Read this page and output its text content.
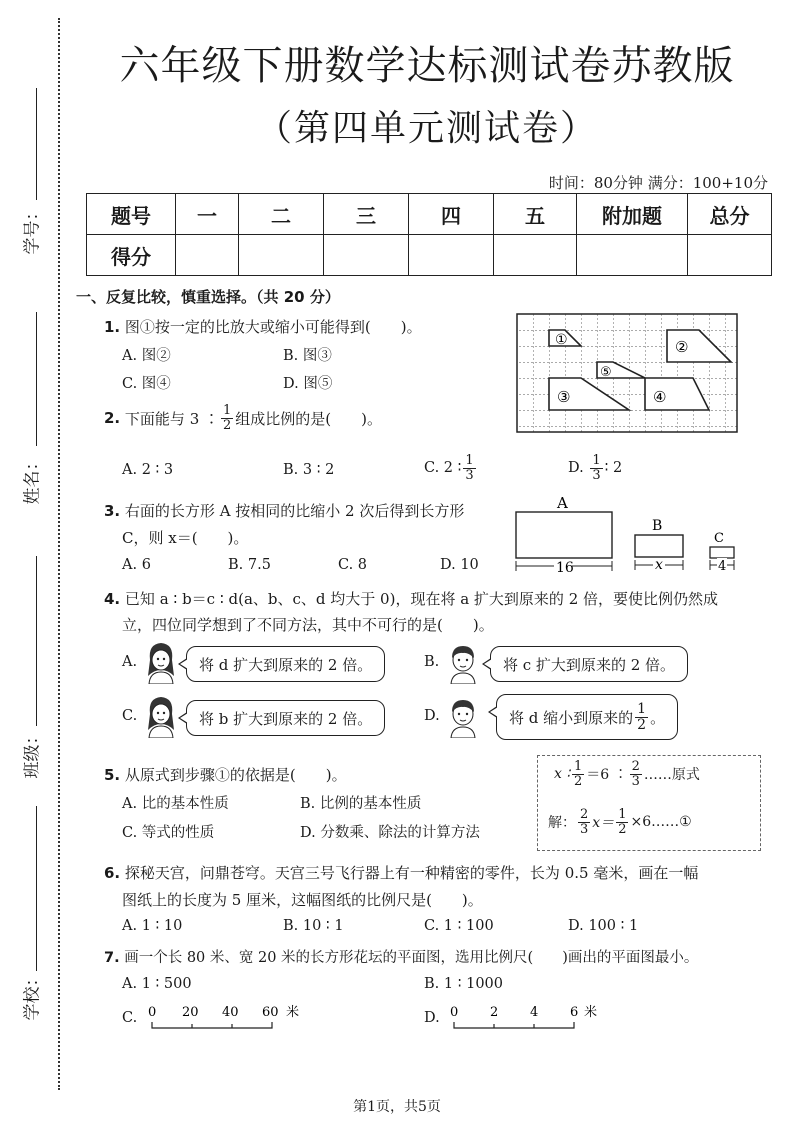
学号：
姓名：
班级：
学校：
六年级下册数学达标测试卷苏教版
（第四单元测试卷）
时间：80分钟 满分：100+10分
题号	一	二	三	四	五	附加题	总分
得分							
一、反复比较，慎重选择。（共 20 分）
1. 图①按一定的比放大或缩小可能得到(　　)。
A. 图②	B. 图③
C. 图④	D. 图⑤
①	②
⑤
③	④
2.
下面能与 3 ∶ $\frac{1}{2}$ 组成比例的是(　　)。
A. 2 ∶ 3	B. 3 ∶ 2	C. 2 ∶ $\frac{1}{3}$	D.
$\frac{1}{3}$ ∶ 2
3. 右面的长方形 A 按相同的比缩小 2 次后得到长方形
C，则 x＝(　　)。
A. 6	B. 7.5	C. 8	D. 10
A
16
B
x
C
4
4. 已知 a ∶ b＝c ∶ d(a、b、c、d 均大于 0)，现在将 a 扩大到原来的 2 倍，要使比例仍然成
立，四位同学想到了不同方法，其中不可行的是(　　)。
A.	将 d 扩大到原来的 2 倍。	B.	将 c 扩大到原来的 2 倍。
C.	将 b 扩大到原来的 2 倍。	D.	将 d 缩小到原来的 $\frac{1}{2}$ 。
5. 从原式到步骤①的依据是(　　)。
A. 比的基本性质	B. 比例的基本性质
C. 等式的性质	D. 分数乘、除法的计算方法
x ∶ $\frac{1}{2} =6$ ∶ $\frac{2}{3}$ ……原式
解： $\frac{2}{3} x= \frac{1}{2}$ ×6……①
6. 探秘天宫，问鼎苍穹。天宫三号飞行器上有一种精密的零件，长为 0.5 毫米，画在一幅
图纸上的长度为 5 厘米，这幅图纸的比例尺是(　　)。
A. 1 ∶ 10	B. 10 ∶ 1	C. 1 ∶ 100	D. 100 ∶ 1
7. 画一个长 80 米、宽 20 米的长方形花坛的平面图，选用比例尺(　　)画出的平面图最小。
A. 1 ∶ 500	B. 1 ∶ 1000
C. 0 20 40 60 米	D. 0 2 4 6 米
第1页，共5页
